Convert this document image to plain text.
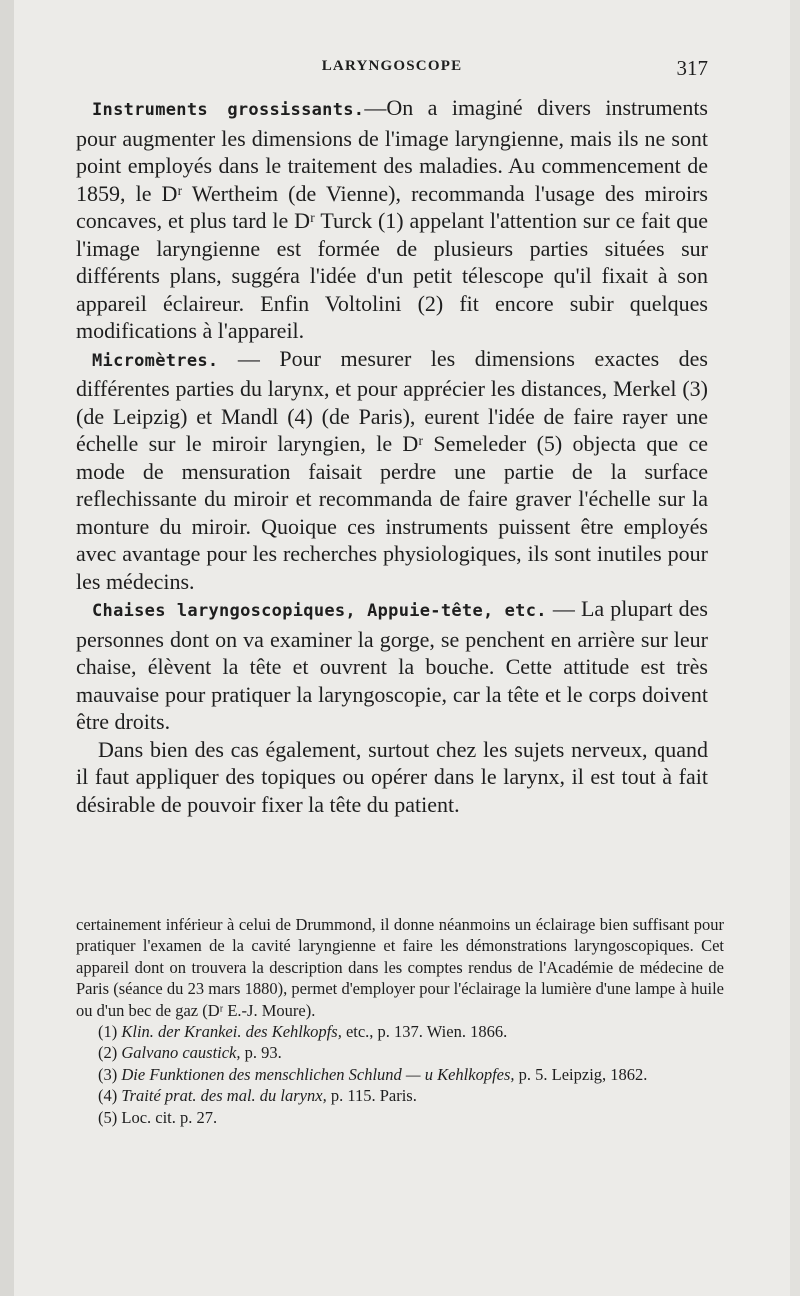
LARYNGOSCOPE	317

Instruments grossissants.—On a imaginé divers instruments pour augmenter les dimensions de l'image laryngienne, mais ils ne sont point employés dans le traitement des maladies. Au commencement de 1859, le Dʳ Wertheim (de Vienne), recommanda l'usage des miroirs concaves, et plus tard le Dʳ Turck (1) appelant l'attention sur ce fait que l'image laryngienne est formée de plusieurs parties situées sur différents plans, suggéra l'idée d'un petit télescope qu'il fixait à son appareil éclaireur. Enfin Voltolini (2) fit encore subir quelques modifications à l'appareil.

Micromètres. — Pour mesurer les dimensions exactes des différentes parties du larynx, et pour apprécier les distances, Merkel (3) (de Leipzig) et Mandl (4) (de Paris), eurent l'idée de faire rayer une échelle sur le miroir laryngien, le Dʳ Semeleder (5) objecta que ce mode de mensuration faisait perdre une partie de la surface reflechissante du miroir et recommanda de faire graver l'échelle sur la monture du miroir. Quoique ces instruments puissent être employés avec avantage pour les recherches physiologiques, ils sont inutiles pour les médecins.

Chaises laryngoscopiques, Appuie-tête, etc. — La plupart des personnes dont on va examiner la gorge, se penchent en arrière sur leur chaise, élèvent la tête et ouvrent la bouche. Cette attitude est très mauvaise pour pratiquer la laryngoscopie, car la tête et le corps doivent être droits.

Dans bien des cas également, surtout chez les sujets nerveux, quand il faut appliquer des topiques ou opérer dans le larynx, il est tout à fait désirable de pouvoir fixer la tête du patient.

certainement inférieur à celui de Drummond, il donne néanmoins un éclairage bien suffisant pour pratiquer l'examen de la cavité laryngienne et faire les démonstrations laryngoscopiques. Cet appareil dont on trouvera la description dans les comptes rendus de l'Académie de médecine de Paris (séance du 23 mars 1880), permet d'employer pour l'éclairage la lumière d'une lampe à huile ou d'un bec de gaz (Dʳ E.-J. Moure).

(1) Klin. der Krankei. des Kehlkopfs, etc., p. 137. Wien. 1866.

(2) Galvano caustick, p. 93.

(3) Die Funktionen des menschlichen Schlund — u Kehlkopfes, p. 5. Leipzig, 1862.

(4) Traité prat. des mal. du larynx, p. 115. Paris.

(5) Loc. cit. p. 27.
